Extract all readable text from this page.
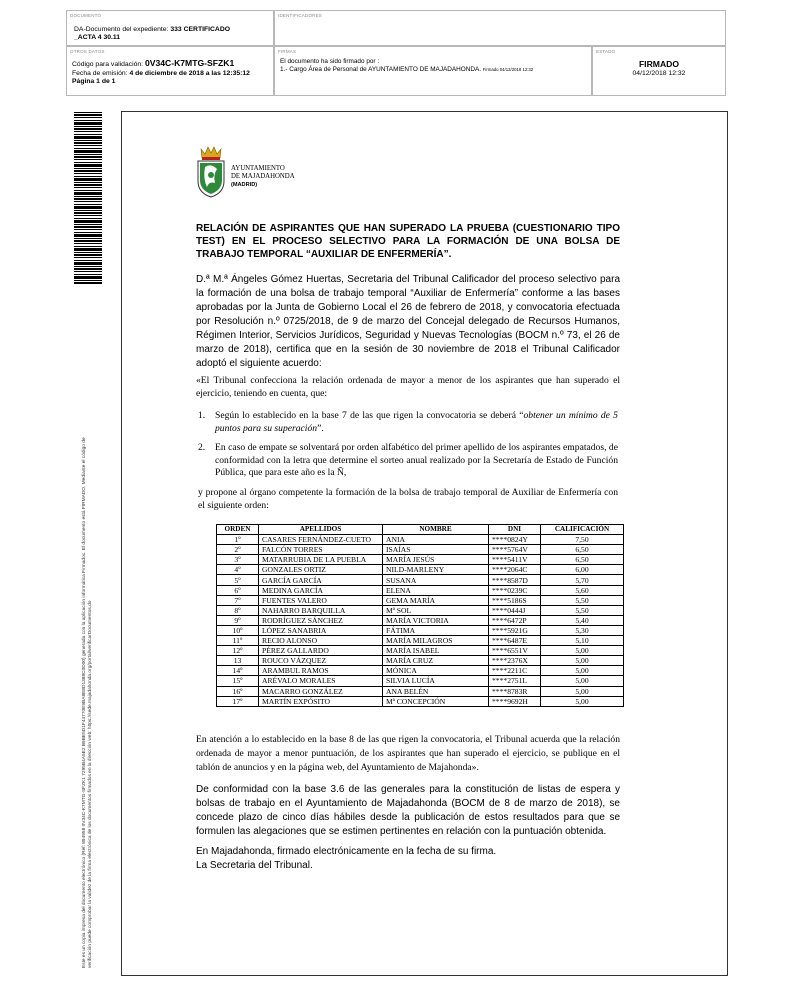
DOCUMENTO
DA-Documento del expediente: 333 CERTIFICADO
_ACTA 4 30.11
IDENTIFICADORES
OTROS DATOS
Código para validación: 0V34C-K7MTG-SFZK1
Fecha de emisión: 4 de diciembre de 2018 a las 12:35:12
Página 1 de 1
FIRMAS
El documento ha sido firmado por :
1.- Cargo Área de Personal de AYUNTAMIENTO DE MAJADAHONDA. Firmado 04/12/2018 12:32
ESTADO
FIRMADO
04/12/2018 12:32
Este es un copia impresa del documento electrónico (Ref: 894958 0V34C-K7MTG-SFZK1 7295B4A5E2 B9BE5D1F44770E9BA8E8D1388C0D00) generada con la aplicación informática Firmadoc. El documento está FIRMADO. Mediante el código de verificación puede comprobar la validez de la firma electrónica de los documentos firmados en la dirección web: https://sede.majadahonda.org/portal/verificarDocumentos.do
AYUNTAMIENTO
DE MAJADAHONDA
(MADRID)
RELACIÓN DE ASPIRANTES QUE HAN SUPERADO LA PRUEBA (CUESTIONARIO TIPO TEST) EN EL PROCESO SELECTIVO PARA LA FORMACIÓN DE UNA BOLSA DE TRABAJO TEMPORAL “AUXILIAR DE ENFERMERÍA”.
D.ª M.ª Ángeles Gómez Huertas, Secretaria del Tribunal Calificador del proceso selectivo para la formación de una bolsa de trabajo temporal “Auxiliar de Enfermería” conforme a las bases aprobadas por la Junta de Gobierno Local el 26 de febrero de 2018, y convocatoria efectuada por Resolución n.º 0725/2018, de 9 de marzo del Concejal delegado de Recursos Humanos, Régimen Interior, Servicios Jurídicos, Seguridad y Nuevas Tecnologías (BOCM n.º 73, el 26 de marzo de 2018), certifica que en la sesión de 30 noviembre de 2018 el Tribunal Calificador adoptó el siguiente acuerdo:
«El Tribunal confecciona la relación ordenada de mayor a menor de los aspirantes que han superado el ejercicio, teniendo en cuenta, que:
1. Según lo establecido en la base 7 de las que rigen la convocatoria se deberá “obtener un mínimo de 5 puntos para su superación”.
2. En caso de empate se solventará por orden alfabético del primer apellido de los aspirantes empatados, de conformidad con la letra que determine el sorteo anual realizado por la Secretaría de Estado de Función Pública, que para este año es la Ñ,
y propone al órgano competente la formación de la bolsa de trabajo temporal de Auxiliar de Enfermería con el siguiente orden:
ORDEN	APELLIDOS	NOMBRE	DNI	CALIFICACIÓN
1º	CASARES FERNÁNDEZ-CUETO	ANIA	****0824Y	7,50
2º	FALCÓN TORRES	ISAÍAS	****5764V	6,50
3º	MATARRUBIA DE LA PUEBLA	MARÍA JESÚS	****5411V	6,50
4º	GONZALES ORTIZ	NILD-MARLENY	****2064C	6,00
5º	GARCÍA GARCÍA	SUSANA	****8587D	5,70
6º	MEDINA GARCÍA	ELENA	****0239C	5,60
7º	FUENTES VALERO	GEMA MARÍA	****5186S	5,50
8º	NAHARRO BARQUILLA	Mª SOL	****0444J	5,50
9º	RODRÍGUEZ SÁNCHEZ	MARÍA VICTORIA	****6472P	5,40
10º	LÓPEZ SANABRIA	FÁTIMA	****5921G	5,30
11º	RECIO ALONSO	MARÍA MILAGROS	****6487E	5,10
12º	PÉREZ GALLARDO	MARÍA ISABEL	****6551V	5,00
13	ROUCO VÁZQUEZ	MARÍA CRUZ	****2376X	5,00
14º	ARAMBUL RAMOS	MÓNICA	****2211C	5,00
15º	ARÉVALO MORALES	SILVIA LUCÍA	****2751L	5,00
16º	MACARRO GONZÁLEZ	ANA BELÉN	****8783R	5,00
17º	MARTÍN EXPÓSITO	Mª CONCEPCIÓN	****9692H	5,00
En atención a lo establecido en la base 8 de las que rigen la convocatoria, el Tribunal acuerda que la relación ordenada de mayor a menor puntuación, de los aspirantes que han superado el ejercicio, se publique en el tablón de anuncios y en la página web, del Ayuntamiento de Majahonda».
De conformidad con la base 3.6 de las generales para la constitución de listas de espera y bolsas de trabajo en el Ayuntamiento de Majadahonda (BOCM de 8 de marzo de 2018), se concede plazo de cinco días hábiles desde la publicación de estos resultados para que se formulen las alegaciones que se estimen pertinentes en relación con la puntuación obtenida.
En Majadahonda, firmado electrónicamente en la fecha de su firma.
La Secretaria del Tribunal.
